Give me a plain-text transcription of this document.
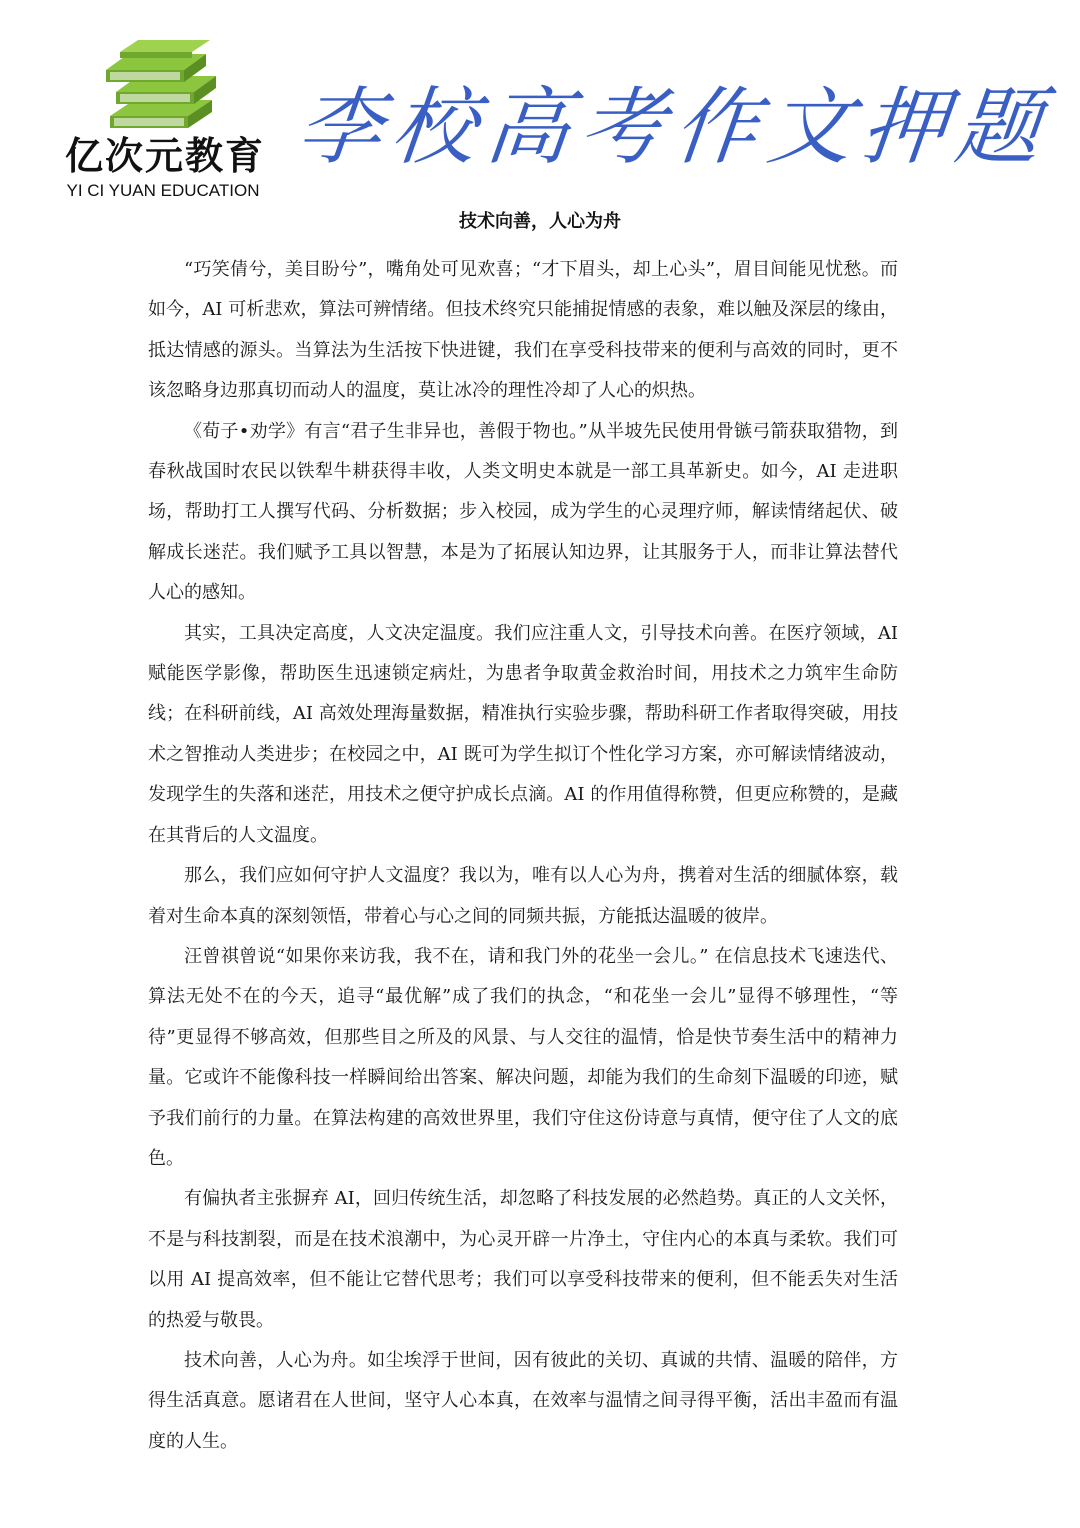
亿次元教育
YI CI YUAN EDUCATION
李校高考作文押题
技术向善，人心为舟

“巧笑倩兮，美目盼兮”，嘴角处可见欢喜；“才下眉头，却上心头”，眉目间能见忧愁。而如今，AI 可析悲欢，算法可辨情绪。但技术终究只能捕捉情感的表象，难以触及深层的缘由，抵达情感的源头。当算法为生活按下快进键，我们在享受科技带来的便利与高效的同时，更不该忽略身边那真切而动人的温度，莫让冰冷的理性冷却了人心的炽热。

《荀子•劝学》有言“君子生非异也，善假于物也。”从半坡先民使用骨镞弓箭获取猎物，到春秋战国时农民以铁犁牛耕获得丰收，人类文明史本就是一部工具革新史。如今，AI 走进职场，帮助打工人撰写代码、分析数据；步入校园，成为学生的心灵理疗师，解读情绪起伏、破解成长迷茫。我们赋予工具以智慧，本是为了拓展认知边界，让其服务于人，而非让算法替代人心的感知。

其实，工具决定高度，人文决定温度。我们应注重人文，引导技术向善。在医疗领域，AI 赋能医学影像，帮助医生迅速锁定病灶，为患者争取黄金救治时间，用技术之力筑牢生命防线；在科研前线，AI 高效处理海量数据，精准执行实验步骤，帮助科研工作者取得突破，用技术之智推动人类进步；在校园之中，AI 既可为学生拟订个性化学习方案，亦可解读情绪波动，发现学生的失落和迷茫，用技术之便守护成长点滴。AI 的作用值得称赞，但更应称赞的，是藏在其背后的人文温度。

那么，我们应如何守护人文温度？我以为，唯有以人心为舟，携着对生活的细腻体察，载着对生命本真的深刻领悟，带着心与心之间的同频共振，方能抵达温暖的彼岸。

汪曾祺曾说“如果你来访我，我不在，请和我门外的花坐一会儿。” 在信息技术飞速迭代、算法无处不在的今天，追寻“最优解”成了我们的执念，“和花坐一会儿”显得不够理性，“等待”更显得不够高效，但那些目之所及的风景、与人交往的温情，恰是快节奏生活中的精神力量。它或许不能像科技一样瞬间给出答案、解决问题，却能为我们的生命刻下温暖的印迹，赋予我们前行的力量。在算法构建的高效世界里，我们守住这份诗意与真情，便守住了人文的底色。

有偏执者主张摒弃 AI，回归传统生活，却忽略了科技发展的必然趋势。真正的人文关怀，不是与科技割裂，而是在技术浪潮中，为心灵开辟一片净土，守住内心的本真与柔软。我们可以用 AI 提高效率，但不能让它替代思考；我们可以享受科技带来的便利，但不能丢失对生活的热爱与敬畏。

技术向善，人心为舟。如尘埃浮于世间，因有彼此的关切、真诚的共情、温暖的陪伴，方得生活真意。愿诸君在人世间，坚守人心本真，在效率与温情之间寻得平衡，活出丰盈而有温度的人生。
